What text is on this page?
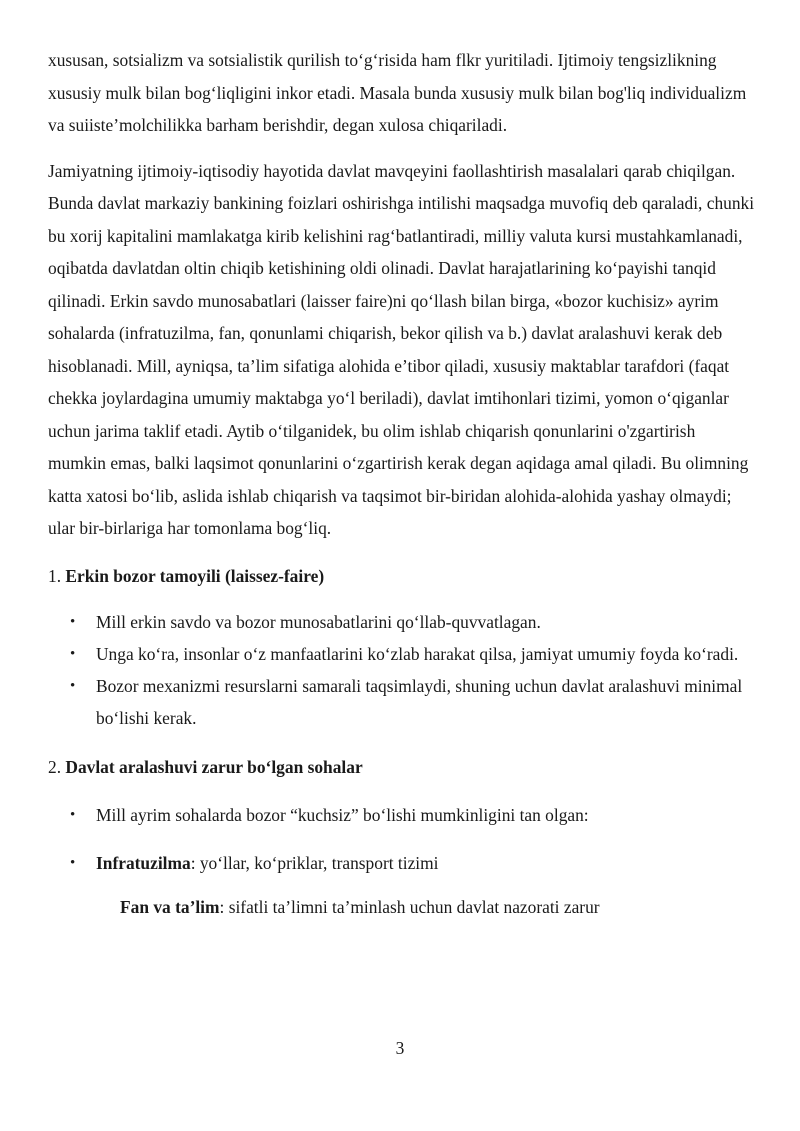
xususan, sotsializm va sotsialistik qurilish to‘g‘risida ham flkr yuritiladi. Ijtimoiy tengsizlikning xususiy mulk bilan bog‘liqligini inkor etadi. Masala bunda xususiy mulk bilan bog'liq individualizm va suiiste’molchilikka barham berishdir, degan xulosa chiqariladi.

Jamiyatning ijtimoiy-iqtisodiy hayotida davlat mavqeyini faollashtirish masalalari qarab chiqilgan. Bunda davlat markaziy bankining foizlari oshirishga intilishi maqsadga muvofiq deb qaraladi, chunki bu xorij kapitalini mamlakatga kirib kelishini rag‘batlantiradi, milliy valuta kursi mustahkamlanadi, oqibatda davlatdan oltin chiqib ketishining oldi olinadi. Davlat harajatlarining ko‘payishi tanqid qilinadi. Erkin savdo munosabatlari (laisser faire)ni qo‘llash bilan birga, «bozor kuchisiz» ayrim sohalarda (infratuzilma, fan, qonunlami chiqarish, bekor qilish va b.) davlat aralashuvi kerak deb hisoblanadi. Mill, ayniqsa, ta’lim sifatiga alohida e’tibor qiladi, xususiy maktablar tarafdori (faqat chekka joylardagina umumiy maktabga yo‘l beriladi), davlat imtihonlari tizimi, yomon o‘qiganlar uchun jarima taklif etadi. Aytib o‘tilganidek, bu olim ishlab chiqarish qonunlarini o'zgartirish mumkin emas, balki laqsimot qonunlarini o‘zgartirish kerak degan aqidaga amal qiladi. Bu olimning katta xatosi bo‘lib, aslida ishlab chiqarish va taqsimot bir-biridan alohida-alohida yashay olmaydi; ular bir-birlariga har tomonlama bog‘liq.

1. Erkin bozor tamoyili (laissez-faire)
• Mill erkin savdo va bozor munosabatlarini qo‘llab-quvvatlagan.
• Unga ko‘ra, insonlar o‘z manfaatlarini ko‘zlab harakat qilsa, jamiyat umumiy foyda ko‘radi.
• Bozor mexanizmi resurslarni samarali taqsimlaydi, shuning uchun davlat aralashuvi minimal bo‘lishi kerak.
2. Davlat aralashuvi zarur bo‘lgan sohalar
• Mill ayrim sohalarda bozor “kuchsiz” bo‘lishi mumkinligini tan olgan:
• Infratuzilma: yo‘llar, ko‘priklar, transport tizimi
Fan va ta’lim: sifatli ta’limni ta’minlash uchun davlat nazorati zarur
3
